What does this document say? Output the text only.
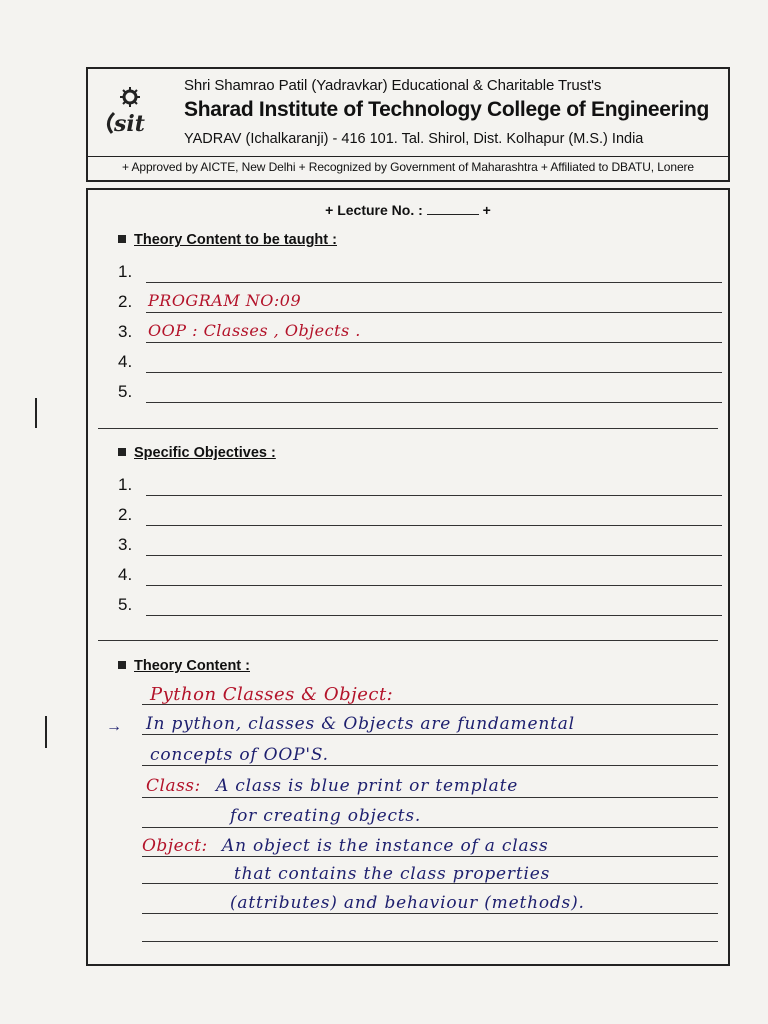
sit
Shri Shamrao Patil (Yadravkar) Educational & Charitable Trust's
Sharad Institute of Technology College of Engineering
YADRAV (Ichalkaranji) - 416 101. Tal. Shirol, Dist. Kolhapur (M.S.) India
+ Approved by AICTE, New Delhi + Recognized by Government of Maharashtra + Affiliated to DBATU, Lonere
+ Lecture No. :	+
Theory Content to be taught :
1.
2. PROGRAM NO:09
3. OOP : Classes , Objects .
4.
5.
Specific Objectives :
1.
2.
3.
4.
5.
Theory Content :
Python Classes & Object:
→ In python, classes & Objects are fundamental
concepts of OOP'S.
Class: A class is blue print or template
for creating objects.
Object: An object is the instance of a class
that contains the class properties
(attributes) and behaviour (methods).
